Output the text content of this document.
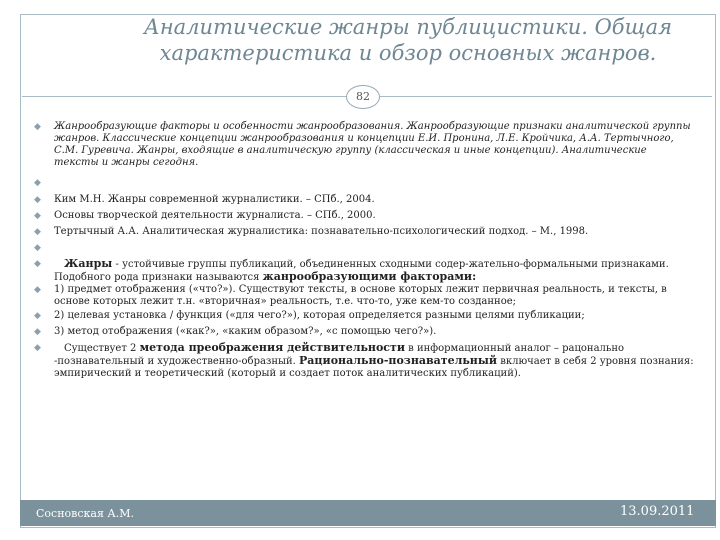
Аналитические жанры публицистики. Общая
характеристика и обзор основных жанров.
82
◆ Жанрообразующие факторы и особенности жанрообразования. Жанрообразующие признаки аналитической группы жанров. Классические концепции жанрообразования и концепции Е.И. Пронина, Л.Е. Кройчика, А.А. Тертычного, С.М. Гуревича. Жанры, входящие в аналитическую группу (классическая и иные концепции). Аналитические тексты и жанры сегодня.
◆
◆ Ким М.Н. Жанры современной журналистики. – СПб., 2004.
◆ Основы творческой деятельности журналиста. – СПб., 2000.
◆ Тертычный А.А. Аналитическая журналистика: познавательно-психологический подход. – М., 1998.
◆
◆	Жанры - устойчивые группы публикаций, объединенных сходными содер-жательно-формальными признаками. Подобного рода признаки называются жанрообразующими факторами:
◆ 1) предмет отображения («что?»). Существуют тексты, в основе которых лежит первичная реальность, и тексты, в основе которых лежит т.н. «вторичная» реальность, т.е. что-то, уже кем-то созданное;
◆ 2) целевая установка / функция («для чего?»), которая определяется разными целями публикации;
◆ 3) метод отображения («как?», «каким образом?», «с помощью чего?»).
◆	Существует 2 метода преображения действительности в информационный аналог – рацонально -познавательный и художественно-образный. Рационально-познавательный включает в себя 2 уровня познания: эмпирический и теоретический (который и создает поток аналитических публикаций).
Сосновская А.М.	13.09.2011
